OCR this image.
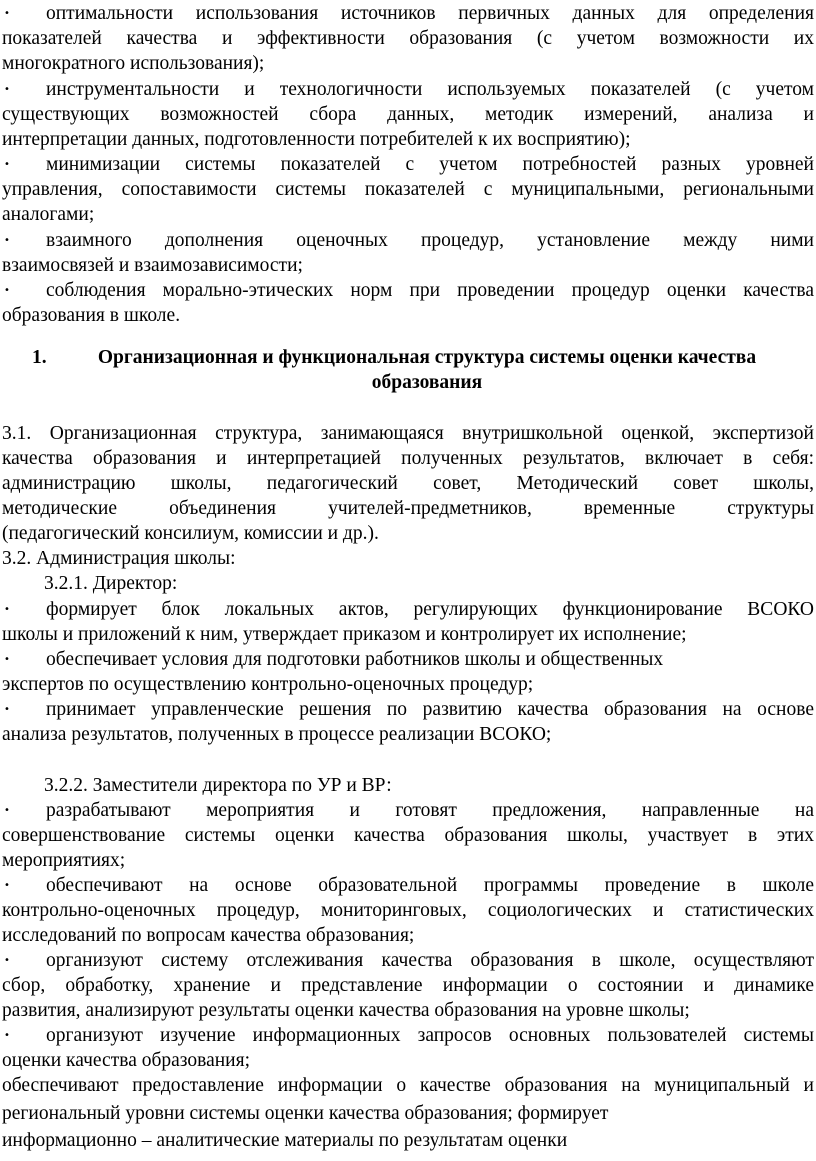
• оптимальности использования источников первичных данных для определения
показателей качества и эффективности образования (с учетом возможности их
многократного использования);
• инструментальности и технологичности используемых показателей (с учетом
существующих возможностей сбора данных, методик измерений, анализа и
интерпретации данных, подготовленности потребителей к их восприятию);
• минимизации системы показателей с учетом потребностей разных уровней
управления, сопоставимости системы показателей с муниципальными, региональными
аналогами;
• взаимного дополнения оценочных процедур, установление между ними
взаимосвязей и взаимозависимости;
• соблюдения морально-этических норм при проведении процедур оценки качества
образования в школе.
1.	Организационная и функциональная структура системы оценки качества
образования
3.1. Организационная структура, занимающаяся внутришкольной оценкой, экспертизой
качества образования и интерпретацией полученных результатов, включает в себя:
администрацию школы, педагогический совет, Методический совет школы,
методические объединения учителей-предметников, временные структуры
(педагогический консилиум, комиссии и др.).
3.2. Администрация школы:
3.2.1. Директор:
• формирует блок локальных актов, регулирующих функционирование ВСОКО
школы и приложений к ним, утверждает приказом и контролирует их исполнение;
• обеспечивает условия для подготовки работников школы и общественных
экспертов по осуществлению контрольно-оценочных процедур;
• принимает управленческие решения по развитию качества образования на основе
анализа результатов, полученных в процессе реализации ВСОКО;
3.2.2. Заместители директора по УР и ВР:
• разрабатывают мероприятия и готовят предложения, направленные на
совершенствование системы оценки качества образования школы, участвует в этих
мероприятиях;
• обеспечивают на основе образовательной программы проведение в школе
контрольно-оценочных процедур, мониторинговых, социологических и статистических
исследований по вопросам качества образования;
• организуют систему отслеживания качества образования в школе, осуществляют
сбор, обработку, хранение и представление информации о состоянии и динамике
развития, анализируют результаты оценки качества образования на уровне школы;
• организуют изучение информационных запросов основных пользователей системы
оценки качества образования;
обеспечивают предоставление информации о качестве образования на муниципальный и
региональный уровни системы оценки качества образования; формирует
информационно – аналитические материалы по результатам оценки
